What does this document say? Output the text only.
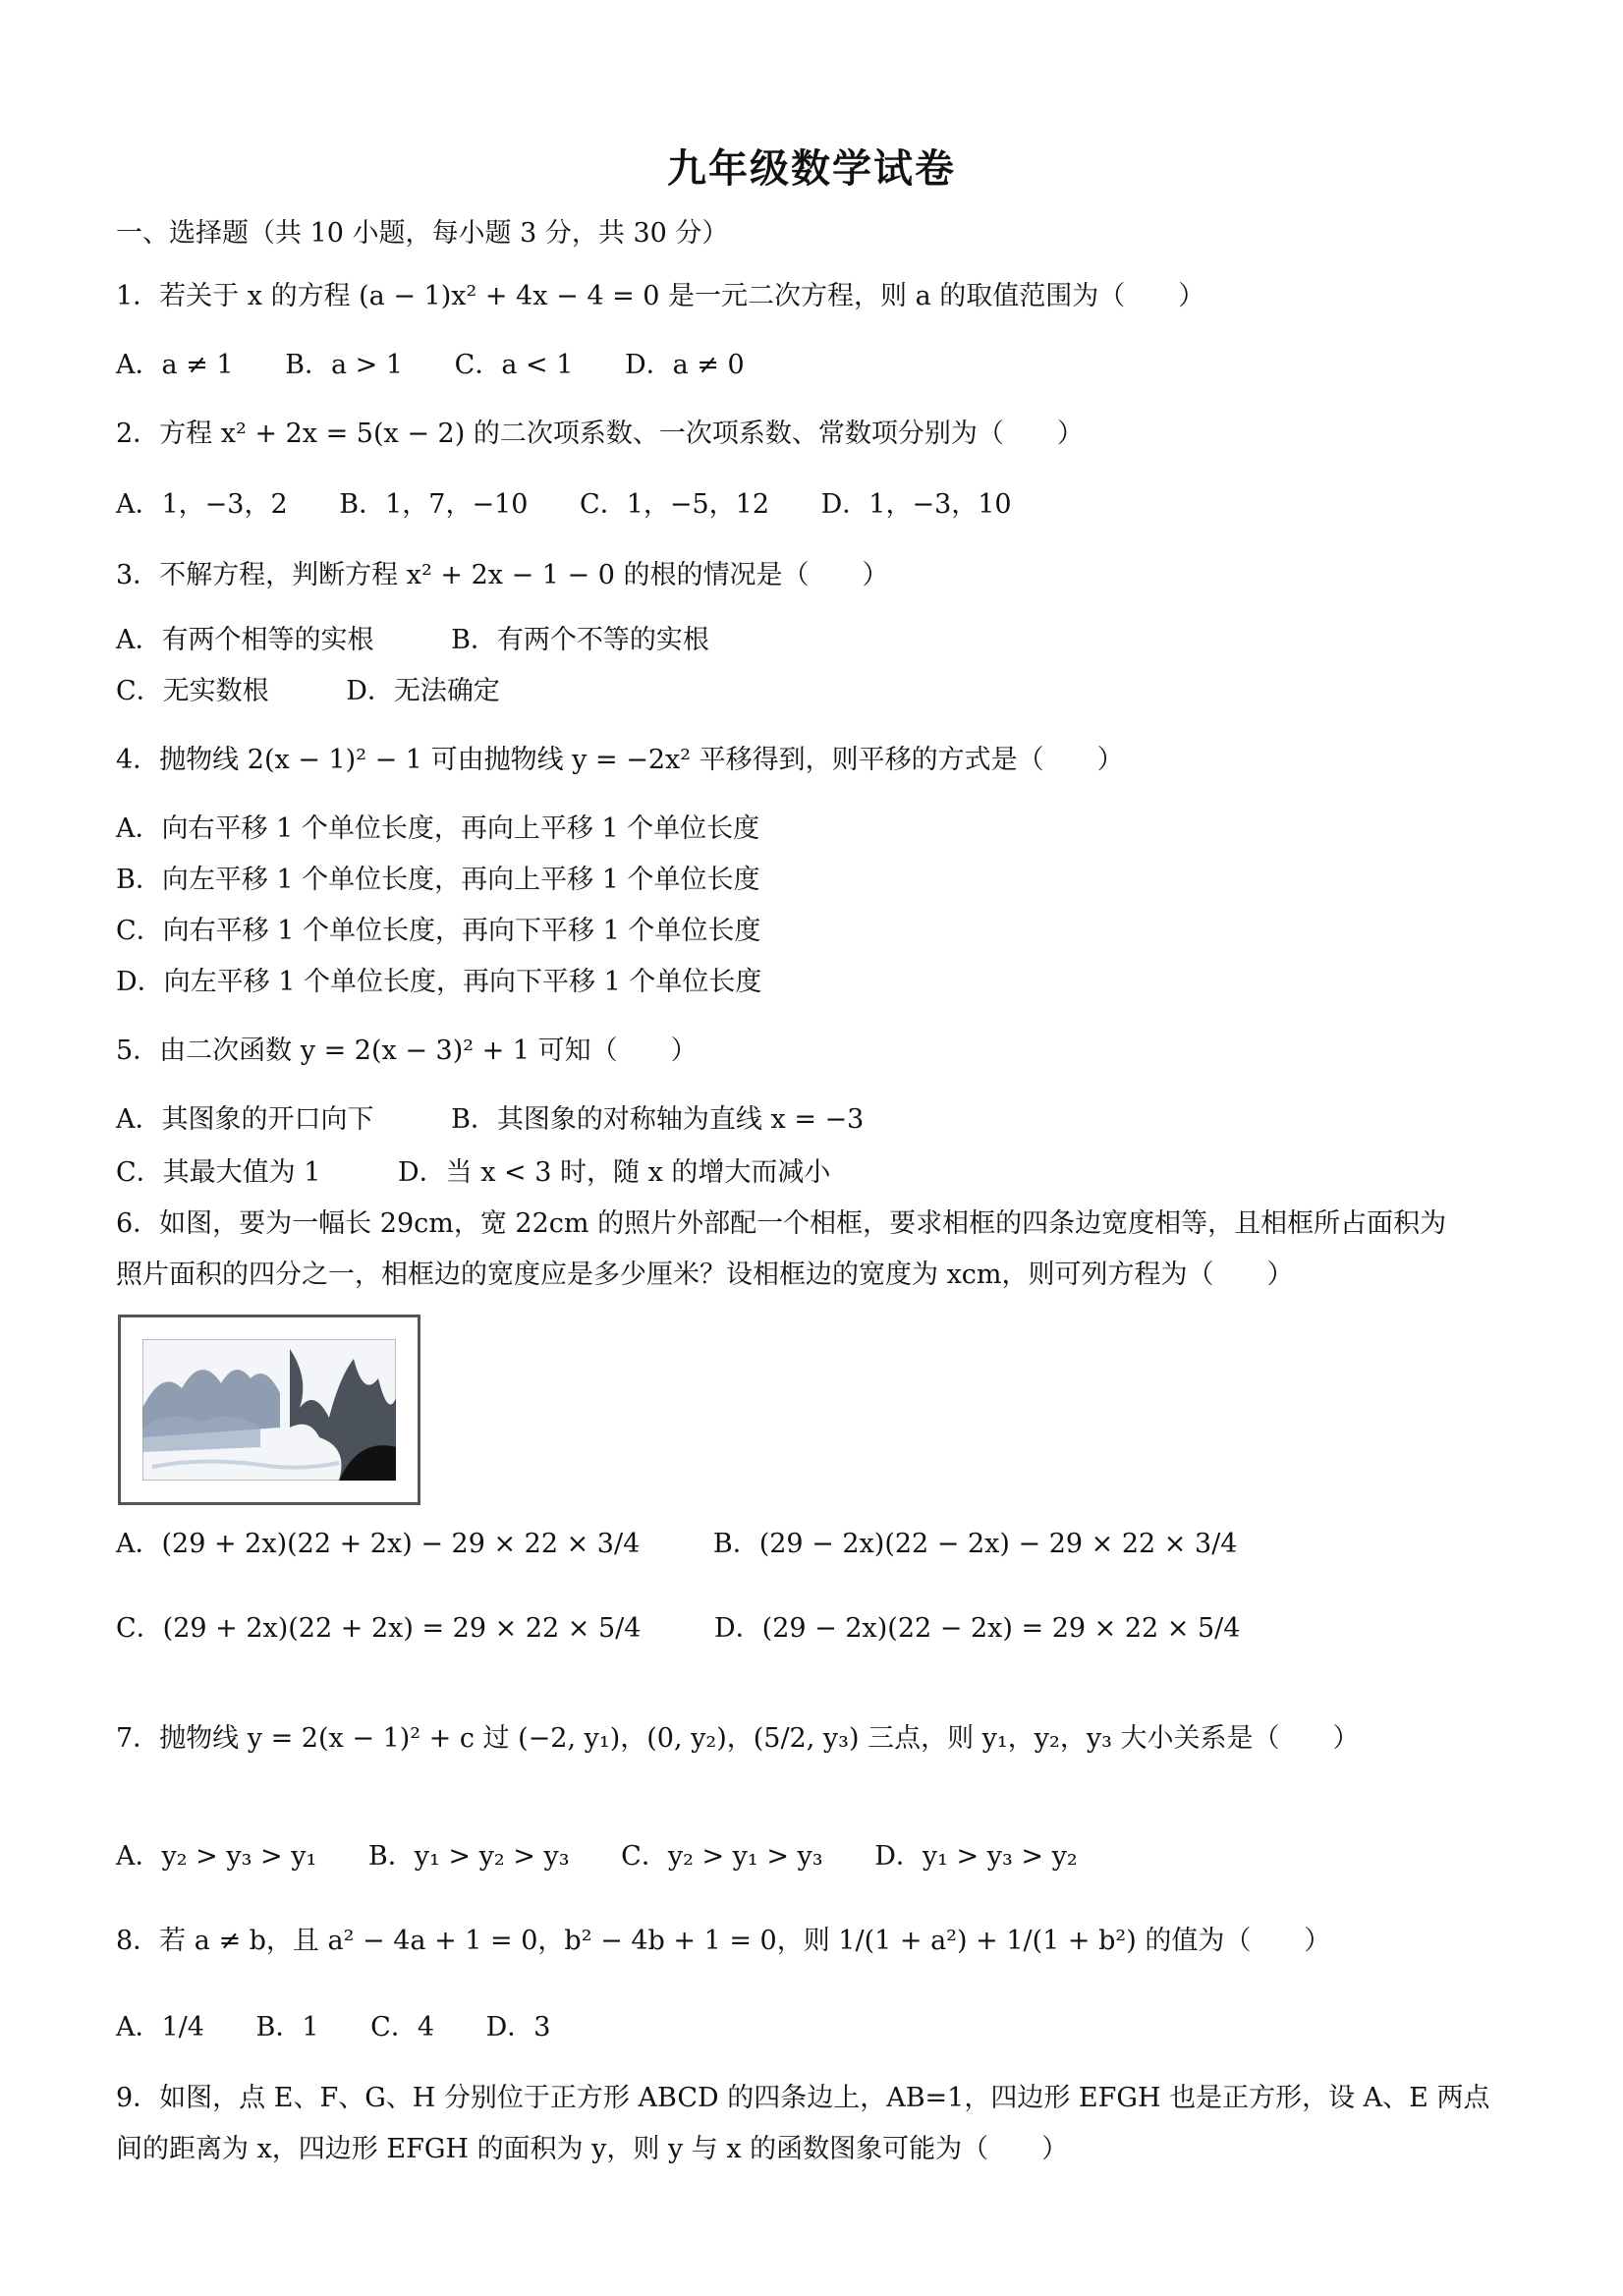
九年级数学试卷
一、选择题（共 10 小题，每小题 3 分，共 30 分）
1．若关于 x 的方程 (a − 1)x² + 4x − 4 = 0 是一元二次方程，则 a 的取值范围为（　　）
A．a ≠ 1 B．a > 1 C．a < 1 D．a ≠ 0
2．方程 x² + 2x = 5(x − 2) 的二次项系数、一次项系数、常数项分别为（　　）
A．1，−3，2 B．1，7，−10 C．1，−5，12 D．1，−3，10
3．不解方程，判断方程 x² + 2x − 1 − 0 的根的情况是（　　）
A．有两个相等的实根	B．有两个不等的实根
C．无实数根	D．无法确定
4．抛物线 2(x − 1)² − 1 可由抛物线 y = −2x² 平移得到，则平移的方式是（　　）
A．向右平移 1 个单位长度，再向上平移 1 个单位长度
B．向左平移 1 个单位长度，再向上平移 1 个单位长度
C．向右平移 1 个单位长度，再向下平移 1 个单位长度
D．向左平移 1 个单位长度，再向下平移 1 个单位长度
5．由二次函数 y = 2(x − 3)² + 1 可知（　　）
A．其图象的开口向下	B．其图象的对称轴为直线 x = −3
C．其最大值为 1	D．当 x < 3 时，随 x 的增大而减小
6．如图，要为一幅长 29cm，宽 22cm 的照片外部配一个相框，要求相框的四条边宽度相等，且相框所占面积为
照片面积的四分之一，相框边的宽度应是多少厘米？设相框边的宽度为 xcm，则可列方程为（　　）
A．(29 + 2x)(22 + 2x) − 29 × 22 × 3/4	B．(29 − 2x)(22 − 2x) − 29 × 22 × 3/4
C．(29 + 2x)(22 + 2x) = 29 × 22 × 5/4	D．(29 − 2x)(22 − 2x) = 29 × 22 × 5/4
7．抛物线 y = 2(x − 1)² + c 过 (−2, y₁)，(0, y₂)，(5/2, y₃) 三点，则 y₁，y₂，y₃ 大小关系是（　　）
A．y₂ > y₃ > y₁ B．y₁ > y₂ > y₃ C．y₂ > y₁ > y₃ D．y₁ > y₃ > y₂
8．若 a ≠ b，且 a² − 4a + 1 = 0，b² − 4b + 1 = 0，则 1/(1 + a²) + 1/(1 + b²) 的值为（　　）
A．1/4 B．1 C．4 D．3
9．如图，点 E、F、G、H 分别位于正方形 ABCD 的四条边上，AB=1，四边形 EFGH 也是正方形，设 A、E 两点
间的距离为 x，四边形 EFGH 的面积为 y，则 y 与 x 的函数图象可能为（　　）
